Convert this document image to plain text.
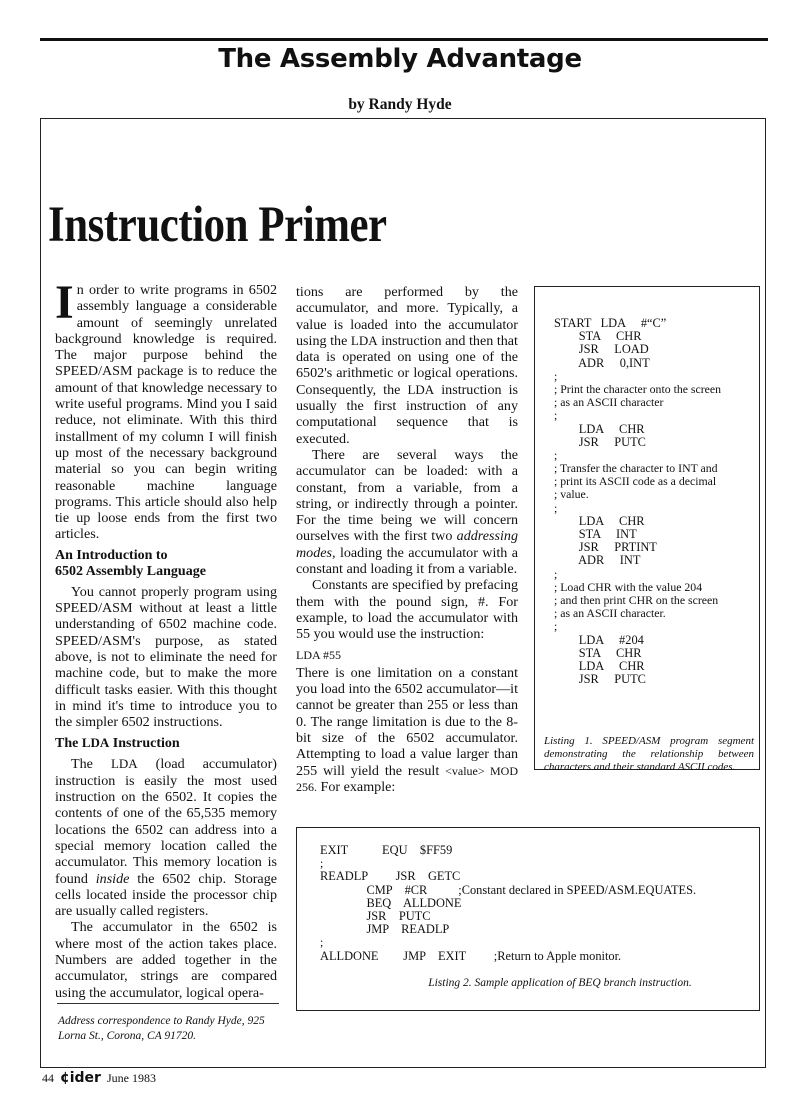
The Assembly Advantage
by Randy Hyde
Instruction Primer

In order to write programs in 6502 assembly language a considerable amount of seemingly unrelated background knowledge is required. The major purpose behind the SPEED/ASM package is to reduce the amount of that knowledge necessary to write useful programs. Mind you I said reduce, not eliminate. With this third installment of my column I will finish up most of the necessary background material so you can begin writing reasonable machine language programs. This article should also help tie up loose ends from the first two articles.

An Introduction to
6502 Assembly Language

You cannot properly program using SPEED/ASM without at least a little understanding of 6502 machine code. SPEED/ASM's purpose, as stated above, is not to eliminate the need for machine code, but to make the more difficult tasks easier. With this thought in mind it's time to introduce you to the simpler 6502 instructions.

The LDA Instruction

The LDA (load accumulator) instruction is easily the most used instruction on the 6502. It copies the contents of one of the 65,535 memory locations the 6502 can address into a special memory location called the accumulator. This memory location is found inside the 6502 chip. Storage cells located inside the processor chip are usually called registers.

The accumulator in the 6502 is where most of the action takes place. Numbers are added together in the accumulator, strings are compared using the accumulator, logical opera-

tions are performed by the accumulator, and more. Typically, a value is loaded into the accumulator using the LDA instruction and then that data is operated on using one of the 6502's arithmetic or logical operations. Consequently, the LDA instruction is usually the first instruction of any computational sequence that is executed.

There are several ways the accumulator can be loaded: with a constant, from a variable, from a string, or indirectly through a pointer. For the time being we will concern ourselves with the first two addressing modes, loading the accumulator with a constant and loading it from a variable.

Constants are specified by prefacing them with the pound sign, #. For example, to load the accumulator with 55 you would use the instruction:

LDA #55

There is one limitation on a constant you load into the 6502 accumulator—it cannot be greater than 255 or less than 0. The range limitation is due to the 8-bit size of the 6502 accumulator. Attempting to load a value larger than 255 will yield the result <value> MOD 256. For example:

Address correspondence to Randy Hyde, 925 Lorna St., Corona, CA 91720.
START   LDA     #“C”
STA     CHR
JSR     LOAD
ADR     0,INT
;
; Print the character onto the screen
; as an ASCII character
;
LDA     CHR
JSR     PUTC
;
; Transfer the character to INT and
; print its ASCII code as a decimal
; value.
;
LDA     CHR
STA     INT
JSR     PRTINT
ADR     INT
;
; Load CHR with the value 204
; and then print CHR on the screen
; as an ASCII character.
;
LDA     #204
STA     CHR
LDA     CHR
JSR     PUTC
Listing 1. SPEED/ASM program segment demonstrating the relationship between characters and their standard ASCII codes.
EXIT           EQU    $FF59
;
READLP         JSR    GETC
CMP    #CR          ;Constant declared in SPEED/ASM.EQUATES.
BEQ    ALLDONE
JSR    PUTC
JMP    READLP
;
ALLDONE        JMP    EXIT         ;Return to Apple monitor.
Listing 2. Sample application of BEQ branch instruction.
44 ¢ider June 1983
